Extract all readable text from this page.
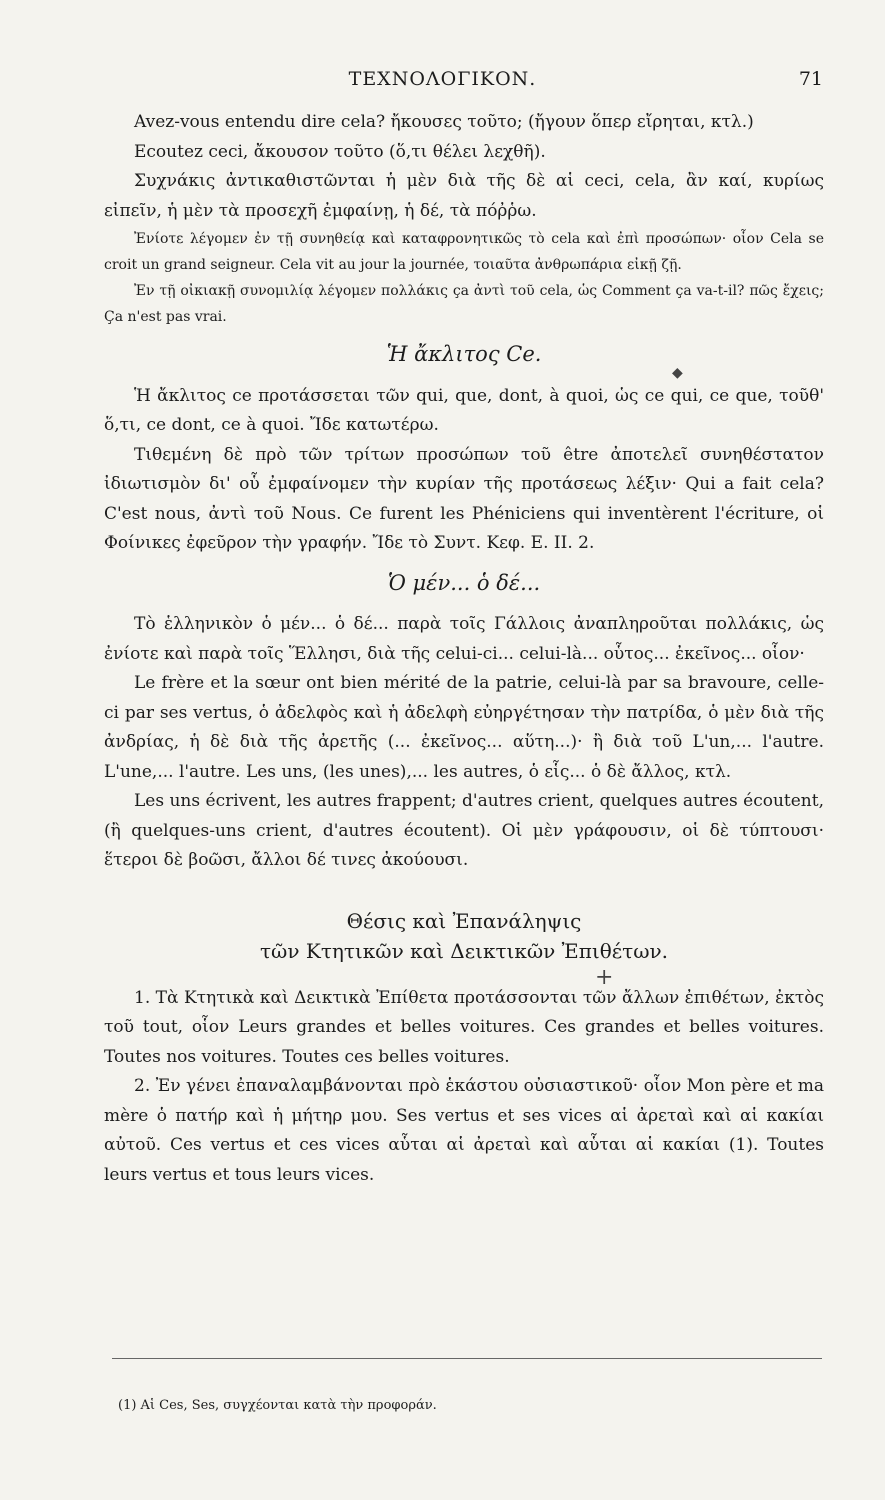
ΤΕΧΝΟΛΟΓΙΚΟΝ.	71

Avez-vous entendu dire cela? ἤκουσες τοῦτο; (ἤγουν ὅπερ εἴρηται, κτλ.)

Ecoutez ceci, ἄκουσον τοῦτο (ὅ,τι θέλει λεχθῆ).

Συχνάκις ἀντικαθιστῶνται ἡ μὲν διὰ τῆς δὲ αἱ ceci, cela, ἂν καί, κυρίως εἰπεῖν, ἡ μὲν τὰ προσεχῆ ἐμφαίνῃ, ἡ δέ, τὰ πόῤῥω.

Ἐνίοτε λέγομεν ἐν τῇ συνηθείᾳ καὶ καταφρονητικῶς τὸ cela καὶ ἐπὶ προσώπων· οἷον Cela se croit un grand seigneur. Cela vit au jour la journée, τοιαῦτα ἀνθρωπάρια εἰκῇ ζῇ.

Ἐν τῇ οἰκιακῇ συνομιλίᾳ λέγομεν πολλάκις ça ἀντὶ τοῦ cela, ὡς Comment ça va-t-il? πῶς ἔχεις; Ça n'est pas vrai.

Ἡ ἄκλιτος Ce.

Ἡ ἄκλιτος ce προτάσσεται τῶν qui, que, dont, à quoi, ὡς ce qui, ce que, τοῦθ' ὅ,τι, ce dont, ce à quoi. Ἴδε κατωτέρω.

Τιθεμένη δὲ πρὸ τῶν τρίτων προσώπων τοῦ être ἀποτελεῖ συνηθέστατον ἰδιωτισμὸν δι' οὗ ἐμφαίνομεν τὴν κυρίαν τῆς προτάσεως λέξιν· Qui a fait cela? C'est nous, ἀντὶ τοῦ Nous. Ce furent les Phéniciens qui inventèrent l'écriture, οἱ Φοίνικες ἐφεῦρον τὴν γραφήν. Ἴδε τὸ Συντ. Κεφ. Ε. ΙΙ. 2.

Ὁ μέν... ὁ δέ...

Τὸ ἑλληνικὸν ὁ μέν... ὁ δέ... παρὰ τοῖς Γάλλοις ἀναπληροῦται πολλάκις, ὡς ἐνίοτε καὶ παρὰ τοῖς Ἕλλησι, διὰ τῆς celui-ci... celui-là... οὗτος... ἐκεῖνος... οἷον·

Le frère et la sœur ont bien mérité de la patrie, celui-là par sa bravoure, celle-ci par ses vertus, ὁ ἀδελφὸς καὶ ἡ ἀδελφὴ εὐηργέτησαν τὴν πατρίδα, ὁ μὲν διὰ τῆς ἀνδρίας, ἡ δὲ διὰ τῆς ἀρετῆς (... ἐκεῖνος... αὕτη...)· ἢ διὰ τοῦ L'un,... l'autre. L'une,... l'autre. Les uns, (les unes),... les autres, ὁ εἷς... ὁ δὲ ἄλλος, κτλ.

Les uns écrivent, les autres frappent; d'autres crient, quelques autres écoutent, (ἢ quelques-uns crient, d'autres écoutent). Οἱ μὲν γράφουσιν, οἱ δὲ τύπτουσι· ἕτεροι δὲ βοῶσι, ἄλλοι δέ τινες ἀκούουσι.

Θέσις καὶ Ἐπανάληψις
τῶν Κτητικῶν καὶ Δεικτικῶν Ἐπιθέτων.

1. Τὰ Κτητικὰ καὶ Δεικτικὰ Ἐπίθετα προτάσσονται τῶν ἄλλων ἐπιθέτων, ἐκτὸς τοῦ tout, οἷον Leurs grandes et belles voitures. Ces grandes et belles voitures. Toutes nos voitures. Toutes ces belles voitures.

2. Ἐν γένει ἐπαναλαμβάνονται πρὸ ἑκάστου οὐσιαστικοῦ· οἷον Mon père et ma mère ὁ πατήρ καὶ ἡ μήτηρ μου. Ses vertus et ses vices αἱ ἀρεταὶ καὶ αἱ κακίαι αὐτοῦ. Ces vertus et ces vices αὗται αἱ ἀρεταὶ καὶ αὗται αἱ κακίαι (1). Toutes leurs vertus et tous leurs vices.

◆
+
(1) Αἱ Ces, Ses, συγχέονται κατὰ τὴν προφοράν.
